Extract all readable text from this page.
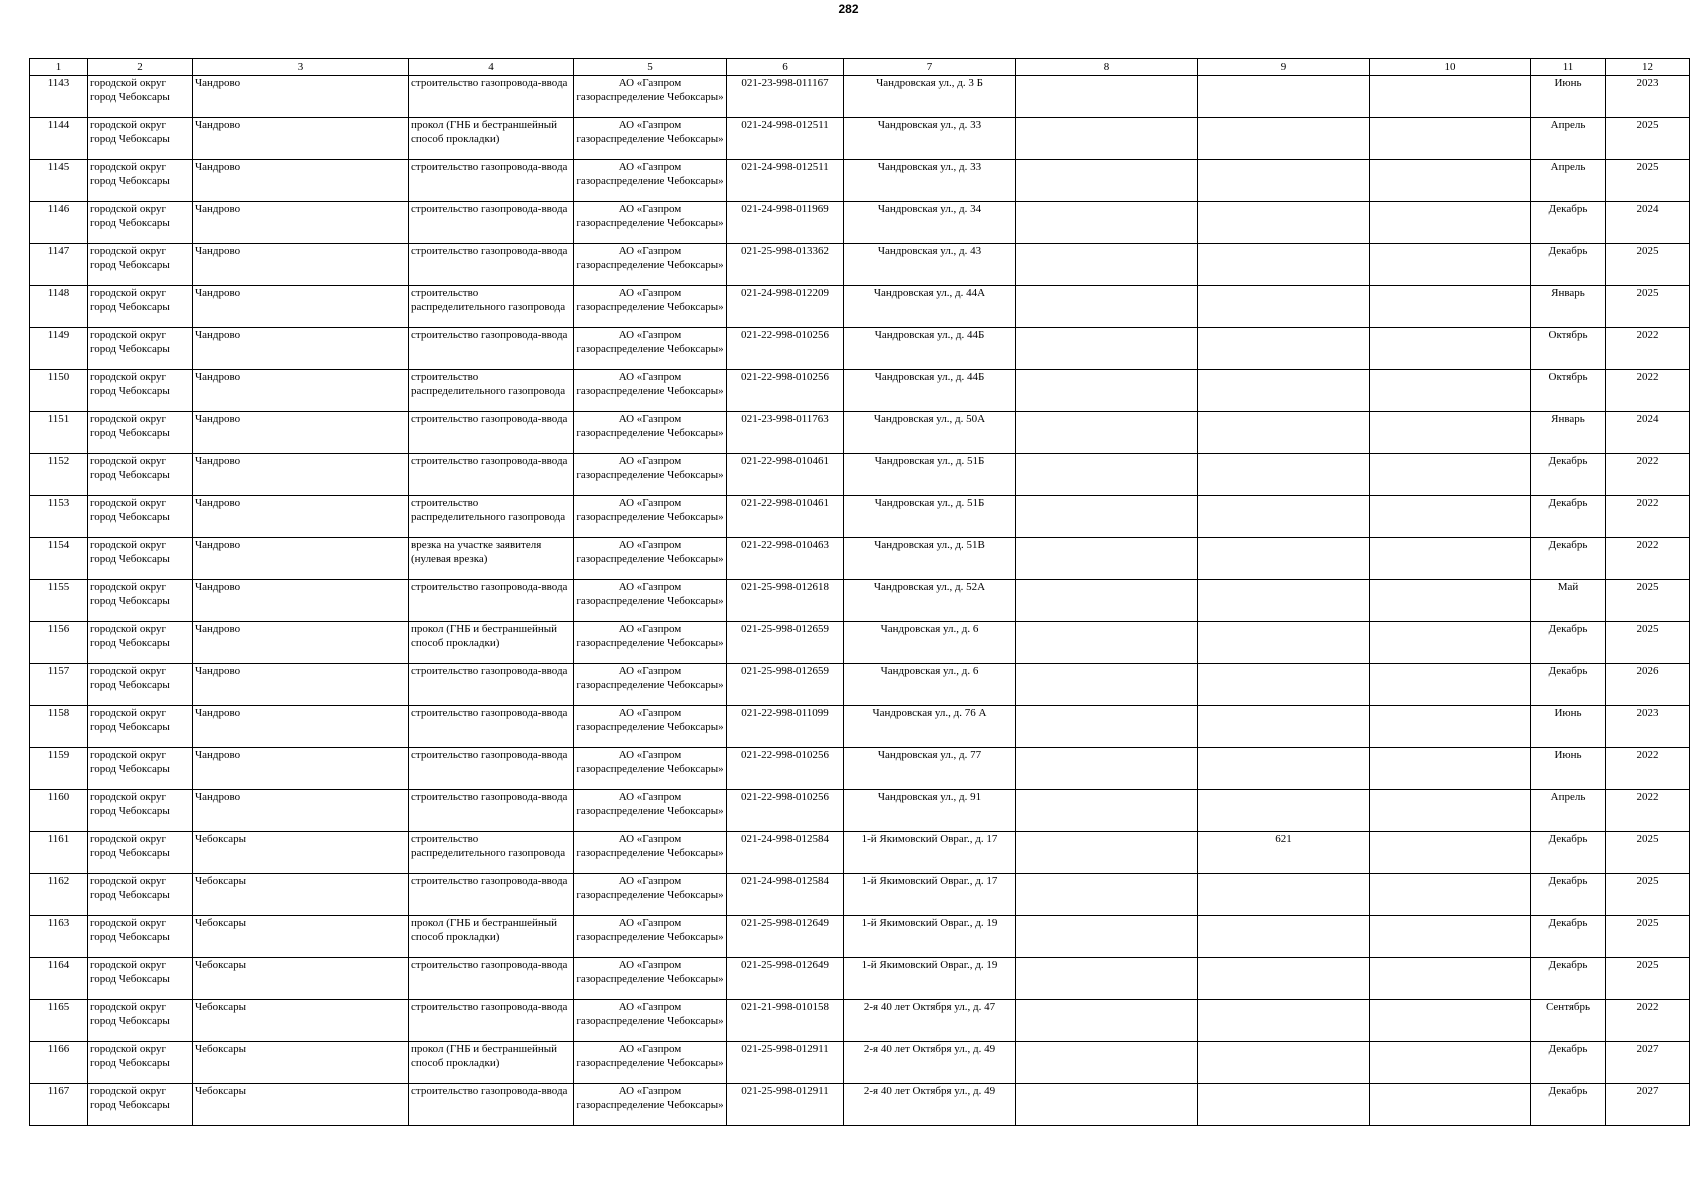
282
1	2	3	4	5	6	7	8	9	10	11	12

1143	городской округ город Чебоксары	Чандрово	строительство газопровода-ввода	АО «Газпром газораспределение Чебоксары»	021-23-998-011167	Чандровская ул., д. 3 Б				Июнь	2023

1144	городской округ город Чебоксары	Чандрово	прокол (ГНБ и бестраншейный способ прокладки)	АО «Газпром газораспределение Чебоксары»	021-24-998-012511	Чандровская ул., д. 33				Апрель	2025

1145	городской округ город Чебоксары	Чандрово	строительство газопровода-ввода	АО «Газпром газораспределение Чебоксары»	021-24-998-012511	Чандровская ул., д. 33				Апрель	2025

1146	городской округ город Чебоксары	Чандрово	строительство газопровода-ввода	АО «Газпром газораспределение Чебоксары»	021-24-998-011969	Чандровская ул., д. 34				Декабрь	2024

1147	городской округ город Чебоксары	Чандрово	строительство газопровода-ввода	АО «Газпром газораспределение Чебоксары»	021-25-998-013362	Чандровская ул., д. 43				Декабрь	2025

1148	городской округ город Чебоксары	Чандрово	строительство распределительного газопровода	АО «Газпром газораспределение Чебоксары»	021-24-998-012209	Чандровская ул., д. 44А				Январь	2025

1149	городской округ город Чебоксары	Чандрово	строительство газопровода-ввода	АО «Газпром газораспределение Чебоксары»	021-22-998-010256	Чандровская ул., д. 44Б				Октябрь	2022

1150	городской округ город Чебоксары	Чандрово	строительство распределительного газопровода	АО «Газпром газораспределение Чебоксары»	021-22-998-010256	Чандровская ул., д. 44Б				Октябрь	2022

1151	городской округ город Чебоксары	Чандрово	строительство газопровода-ввода	АО «Газпром газораспределение Чебоксары»	021-23-998-011763	Чандровская ул., д. 50А				Январь	2024

1152	городской округ город Чебоксары	Чандрово	строительство газопровода-ввода	АО «Газпром газораспределение Чебоксары»	021-22-998-010461	Чандровская ул., д. 51Б				Декабрь	2022

1153	городской округ город Чебоксары	Чандрово	строительство распределительного газопровода	АО «Газпром газораспределение Чебоксары»	021-22-998-010461	Чандровская ул., д. 51Б				Декабрь	2022

1154	городской округ город Чебоксары	Чандрово	врезка на участке заявителя (нулевая врезка)	АО «Газпром газораспределение Чебоксары»	021-22-998-010463	Чандровская ул., д. 51В				Декабрь	2022

1155	городской округ город Чебоксары	Чандрово	строительство газопровода-ввода	АО «Газпром газораспределение Чебоксары»	021-25-998-012618	Чандровская ул., д. 52А				Май	2025

1156	городской округ город Чебоксары	Чандрово	прокол (ГНБ и бестраншейный способ прокладки)	АО «Газпром газораспределение Чебоксары»	021-25-998-012659	Чандровская ул., д. 6				Декабрь	2025

1157	городской округ город Чебоксары	Чандрово	строительство газопровода-ввода	АО «Газпром газораспределение Чебоксары»	021-25-998-012659	Чандровская ул., д. 6				Декабрь	2026

1158	городской округ город Чебоксары	Чандрово	строительство газопровода-ввода	АО «Газпром газораспределение Чебоксары»	021-22-998-011099	Чандровская ул., д. 76 А				Июнь	2023

1159	городской округ город Чебоксары	Чандрово	строительство газопровода-ввода	АО «Газпром газораспределение Чебоксары»	021-22-998-010256	Чандровская ул., д. 77				Июнь	2022

1160	городской округ город Чебоксары	Чандрово	строительство газопровода-ввода	АО «Газпром газораспределение Чебоксары»	021-22-998-010256	Чандровская ул., д. 91				Апрель	2022

1161	городской округ город Чебоксары	Чебоксары	строительство распределительного газопровода	АО «Газпром газораспределение Чебоксары»	021-24-998-012584	1-й Якимовский Овраг., д. 17		621		Декабрь	2025

1162	городской округ город Чебоксары	Чебоксары	строительство газопровода-ввода	АО «Газпром газораспределение Чебоксары»	021-24-998-012584	1-й Якимовский Овраг., д. 17				Декабрь	2025

1163	городской округ город Чебоксары	Чебоксары	прокол (ГНБ и бестраншейный способ прокладки)	АО «Газпром газораспределение Чебоксары»	021-25-998-012649	1-й Якимовский Овраг., д. 19				Декабрь	2025

1164	городской округ город Чебоксары	Чебоксары	строительство газопровода-ввода	АО «Газпром газораспределение Чебоксары»	021-25-998-012649	1-й Якимовский Овраг., д. 19				Декабрь	2025

1165	городской округ город Чебоксары	Чебоксары	строительство газопровода-ввода	АО «Газпром газораспределение Чебоксары»	021-21-998-010158	2-я 40 лет Октября ул., д. 47				Сентябрь	2022

1166	городской округ город Чебоксары	Чебоксары	прокол (ГНБ и бестраншейный способ прокладки)	АО «Газпром газораспределение Чебоксары»	021-25-998-012911	2-я 40 лет Октября ул., д. 49				Декабрь	2027

1167	городской округ город Чебоксары	Чебоксары	строительство газопровода-ввода	АО «Газпром газораспределение Чебоксары»	021-25-998-012911	2-я 40 лет Октября ул., д. 49				Декабрь	2027
